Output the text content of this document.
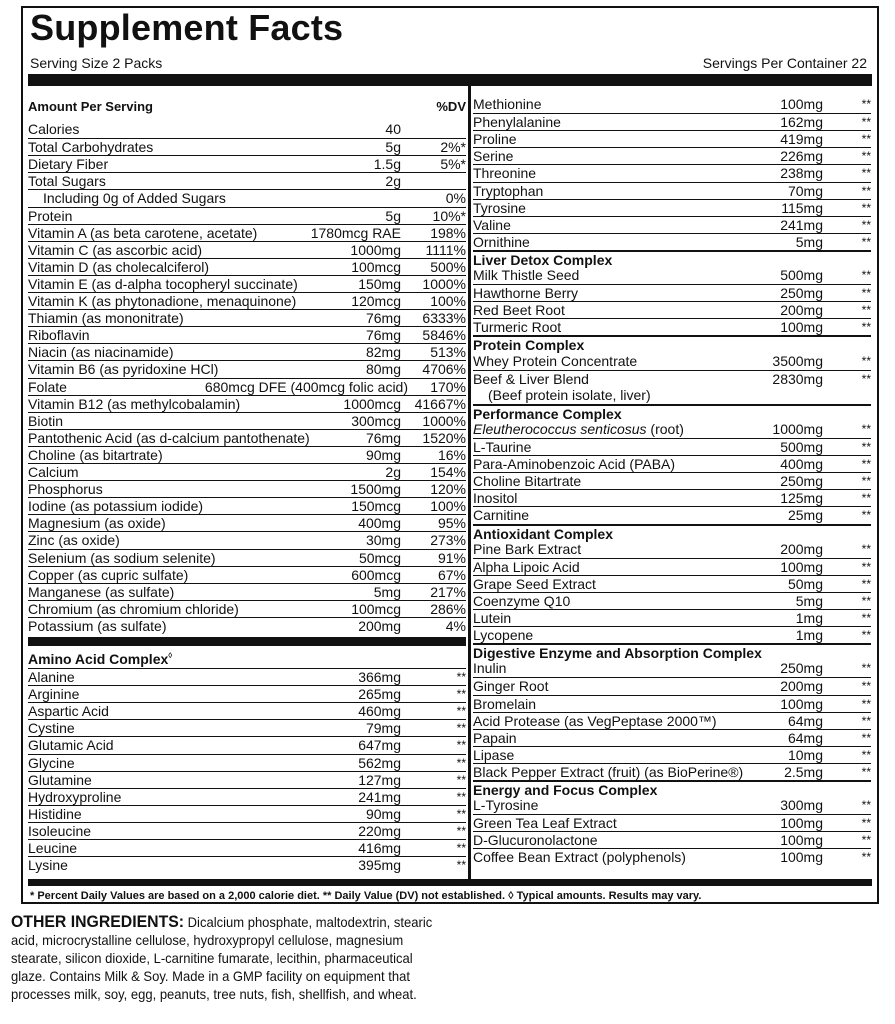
Supplement Facts
Serving Size 2 Packs	Servings Per Container 22
Amount Per Serving	%DV
Calories	40
Total Carbohydrates	5g	2%*
Dietary Fiber	1.5g	5%*
Total Sugars	2g
Including 0g of Added Sugars	0%
Protein	5g 10%*
Vitamin A (as beta carotene, acetate)	1780mcg RAE 198%
Vitamin C (as ascorbic acid)	1000mg 1111%
Vitamin D (as cholecalciferol)	100mcg 500%
Vitamin E (as d-alpha tocopheryl succinate)	150mg 1000%
Vitamin K (as phytonadione, menaquinone)	120mcg 100%
Thiamin (as mononitrate)	76mg 6333%
Riboflavin	76mg 5846%
Niacin (as niacinamide)	82mg 513%
Vitamin B6 (as pyridoxine HCl)	80mg 4706%
Folate	680mcg DFE (400mcg folic acid) 170%
Vitamin B12 (as methylcobalamin)	1000mcg 41667%
Biotin	300mcg 1000%
Pantothenic Acid (as d-calcium pantothenate)	76mg 1520%
Choline (as bitartrate)	90mg	16%
Calcium	2g 154%
Phosphorus	1500mg 120%
Iodine (as potassium iodide)	150mcg 100%
Magnesium (as oxide)	400mg	95%
Zinc (as oxide)	30mg 273%
Selenium (as sodium selenite)	50mcg	91%
Copper (as cupric sulfate)	600mcg	67%
Manganese (as sulfate)	5mg 217%
Chromium (as chromium chloride)	100mcg 286%
Potassium (as sulfate)	200mg	4%
Amino Acid Complex◊
Alanine	366mg	**
Arginine	265mg	**
Aspartic Acid	460mg	**
Cystine	79mg	**
Glutamic Acid	647mg	**
Glycine	562mg	**
Glutamine	127mg	**
Hydroxyproline	241mg	**
Histidine	90mg	**
Isoleucine	220mg	**
Leucine	416mg	**
Lysine	395mg	**
Methionine	100mg	**
Phenylalanine	162mg	**
Proline	419mg	**
Serine	226mg	**
Threonine	238mg	**
Tryptophan	70mg	**
Tyrosine	115mg	**
Valine	241mg	**
Ornithine	5mg	**
Liver Detox Complex
Milk Thistle Seed	500mg	**
Hawthorne Berry	250mg	**
Red Beet Root	200mg	**
Turmeric Root	100mg	**
Protein Complex
Whey Protein Concentrate	3500mg	**
Beef & Liver Blend	2830mg	**
(Beef protein isolate, liver)
Performance Complex
Eleutherococcus senticosus (root)	1000mg	**
L-Taurine	500mg	**
Para-Aminobenzoic Acid (PABA)	400mg	**
Choline Bitartrate	250mg	**
Inositol	125mg	**
Carnitine	25mg	**
Antioxidant Complex
Pine Bark Extract	200mg	**
Alpha Lipoic Acid	100mg	**
Grape Seed Extract	50mg	**
Coenzyme Q10	5mg	**
Lutein	1mg	**
Lycopene	1mg	**
Digestive Enzyme and Absorption Complex
Inulin	250mg	**
Ginger Root	200mg	**
Bromelain	100mg	**
Acid Protease (as VegPeptase 2000™)	64mg	**
Papain	64mg	**
Lipase	10mg	**
Black Pepper Extract (fruit) (as BioPerine®)	2.5mg	**
Energy and Focus Complex
L-Tyrosine	300mg	**
Green Tea Leaf Extract	100mg	**
D-Glucuronolactone	100mg	**
Coffee Bean Extract (polyphenols)	100mg	**
* Percent Daily Values are based on a 2,000 calorie diet. ** Daily Value (DV) not established. ◊ Typical amounts. Results may vary.
OTHER INGREDIENTS: Dicalcium phosphate, maltodextrin, stearic acid, microcrystalline cellulose, hydroxypropyl cellulose, magnesium stearate, silicon dioxide, L-carnitine fumarate, lecithin, pharmaceutical glaze. Contains Milk & Soy. Made in a GMP facility on equipment that processes milk, soy, egg, peanuts, tree nuts, fish, shellfish, and wheat.
